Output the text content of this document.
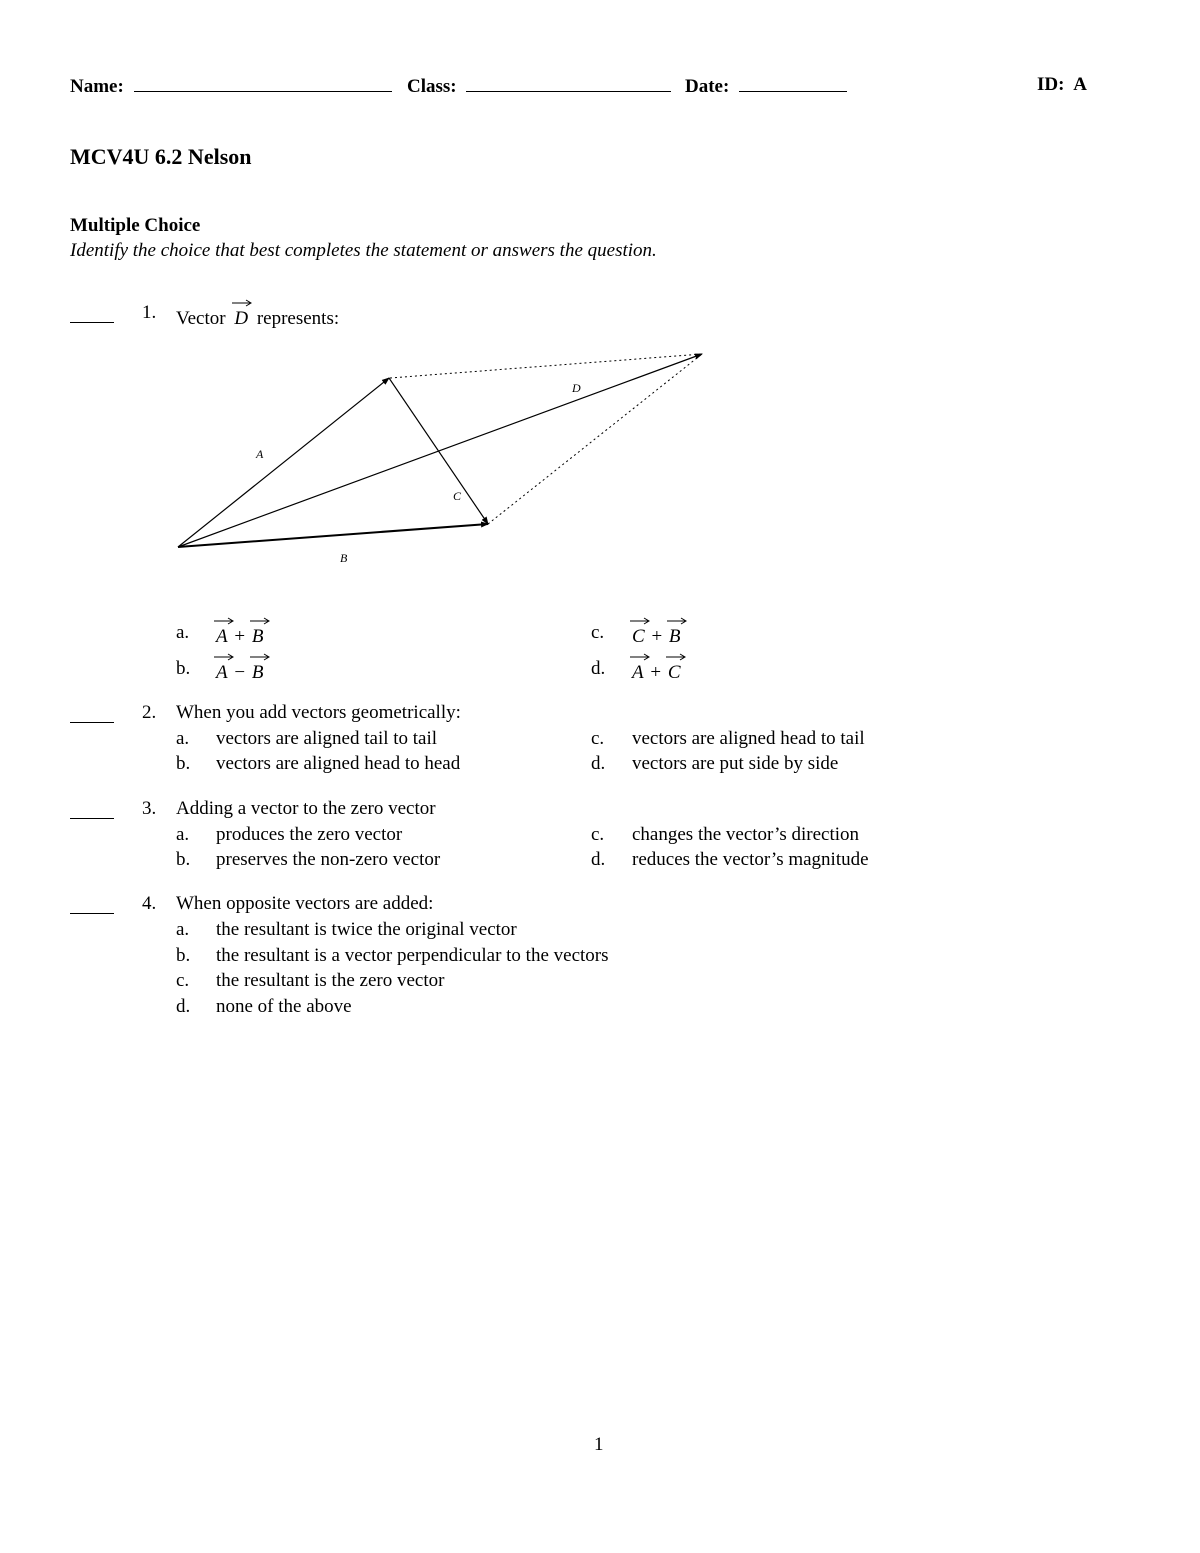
Name:	Class:	Date:	ID: A
MCV4U 6.2 Nelson
Multiple Choice
Identify the choice that best completes the statement or answers the question.
1. Vector D represents:
A
B
C
D
a. A + B
b. A − B
c. C + B
d. A + C
2. When you add vectors geometrically:
a. vectors are aligned tail to tail
b. vectors are aligned head to head
c. vectors are aligned head to tail
d. vectors are put side by side
3. Adding a vector to the zero vector
a. produces the zero vector
b. preserves the non-zero vector
c. changes the vector’s direction
d. reduces the vector’s magnitude
4. When opposite vectors are added:
a. the resultant is twice the original vector
b. the resultant is a vector perpendicular to the vectors
c. the resultant is the zero vector
d. none of the above
1
